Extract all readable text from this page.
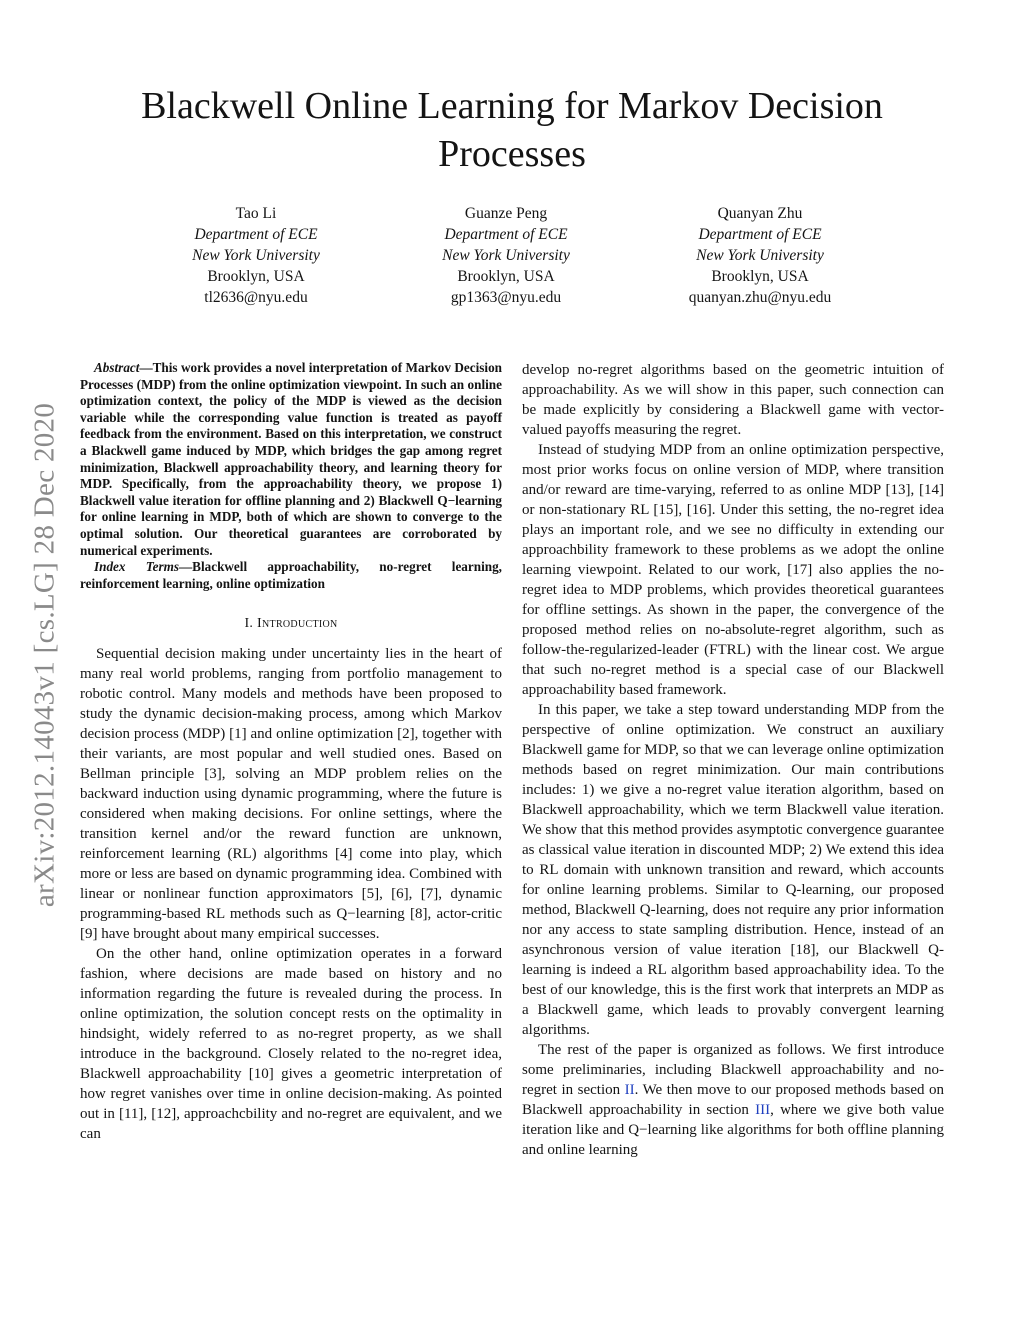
arXiv:2012.14043v1 [cs.LG] 28 Dec 2020
Blackwell Online Learning for Markov Decision Processes
Tao Li
Department of ECE
New York University
Brooklyn, USA
tl2636@nyu.edu
Guanze Peng
Department of ECE
New York University
Brooklyn, USA
gp1363@nyu.edu
Quanyan Zhu
Department of ECE
New York University
Brooklyn, USA
quanyan.zhu@nyu.edu

Abstract—This work provides a novel interpretation of Markov Decision Processes (MDP) from the online optimization viewpoint. In such an online optimization context, the policy of the MDP is viewed as the decision variable while the corresponding value function is treated as payoff feedback from the environment. Based on this interpretation, we construct a Blackwell game induced by MDP, which bridges the gap among regret minimization, Blackwell approachability theory, and learning theory for MDP. Specifically, from the approachability theory, we propose 1) Blackwell value iteration for offline planning and 2) Blackwell Q−learning for online learning in MDP, both of which are shown to converge to the optimal solution. Our theoretical guarantees are corroborated by numerical experiments.

Index Terms—Blackwell approachability, no-regret learning, reinforcement learning, online optimization

I. Introduction

Sequential decision making under uncertainty lies in the heart of many real world problems, ranging from portfolio management to robotic control. Many models and methods have been proposed to study the dynamic decision-making process, among which Markov decision process (MDP) [1] and online optimization [2], together with their variants, are most popular and well studied ones. Based on Bellman principle [3], solving an MDP problem relies on the backward induction using dynamic programming, where the future is considered when making decisions. For online settings, where the transition kernel and/or the reward function are unknown, reinforcement learning (RL) algorithms [4] come into play, which more or less are based on dynamic programming idea. Combined with linear or nonlinear function approximators [5], [6], [7], dynamic programming-based RL methods such as Q−learning [8], actor-critic [9] have brought about many empirical successes.

On the other hand, online optimization operates in a forward fashion, where decisions are made based on history and no information regarding the future is revealed during the process. In online optimization, the solution concept rests on the optimality in hindsight, widely referred to as no-regret property, as we shall introduce in the background. Closely related to the no-regret idea, Blackwell approachability [10] gives a geometric interpretation of how regret vanishes over time in online decision-making. As pointed out in [11], [12], approachcbility and no-regret are equivalent, and we can

develop no-regret algorithms based on the geometric intuition of approachability. As we will show in this paper, such connection can be made explicitly by considering a Blackwell game with vector-valued payoffs measuring the regret.

Instead of studying MDP from an online optimization perspective, most prior works focus on online version of MDP, where transition and/or reward are time-varying, referred to as online MDP [13], [14] or non-stationary RL [15], [16]. Under this setting, the no-regret idea plays an important role, and we see no difficulty in extending our approachbility framework to these problems as we adopt the online learning viewpoint. Related to our work, [17] also applies the no-regret idea to MDP problems, which provides theoretical guarantees for offline settings. As shown in the paper, the convergence of the proposed method relies on no-absolute-regret algorithm, such as follow-the-regularized-leader (FTRL) with the linear cost. We argue that such no-regret method is a special case of our Blackwell approachability based framework.

In this paper, we take a step toward understanding MDP from the perspective of online optimization. We construct an auxiliary Blackwell game for MDP, so that we can leverage online optimization methods based on regret minimization. Our main contributions includes: 1) we give a no-regret value iteration algorithm, based on Blackwell approachability, which we term Blackwell value iteration. We show that this method provides asymptotic convergence guarantee as classical value iteration in discounted MDP; 2) We extend this idea to RL domain with unknown transition and reward, which accounts for online learning problems. Similar to Q-learning, our proposed method, Blackwell Q-learning, does not require any prior information nor any access to state sampling distribution. Hence, instead of an asynchronous version of value iteration [18], our Blackwell Q-learning is indeed a RL algorithm based approachability idea. To the best of our knowledge, this is the first work that interprets an MDP as a Blackwell game, which leads to provably convergent learning algorithms.

The rest of the paper is organized as follows. We first introduce some preliminaries, including Blackwell approachability and no-regret in section II. We then move to our proposed methods based on Blackwell approachability in section III, where we give both value iteration like and Q−learning like algorithms for both offline planning and online learning
